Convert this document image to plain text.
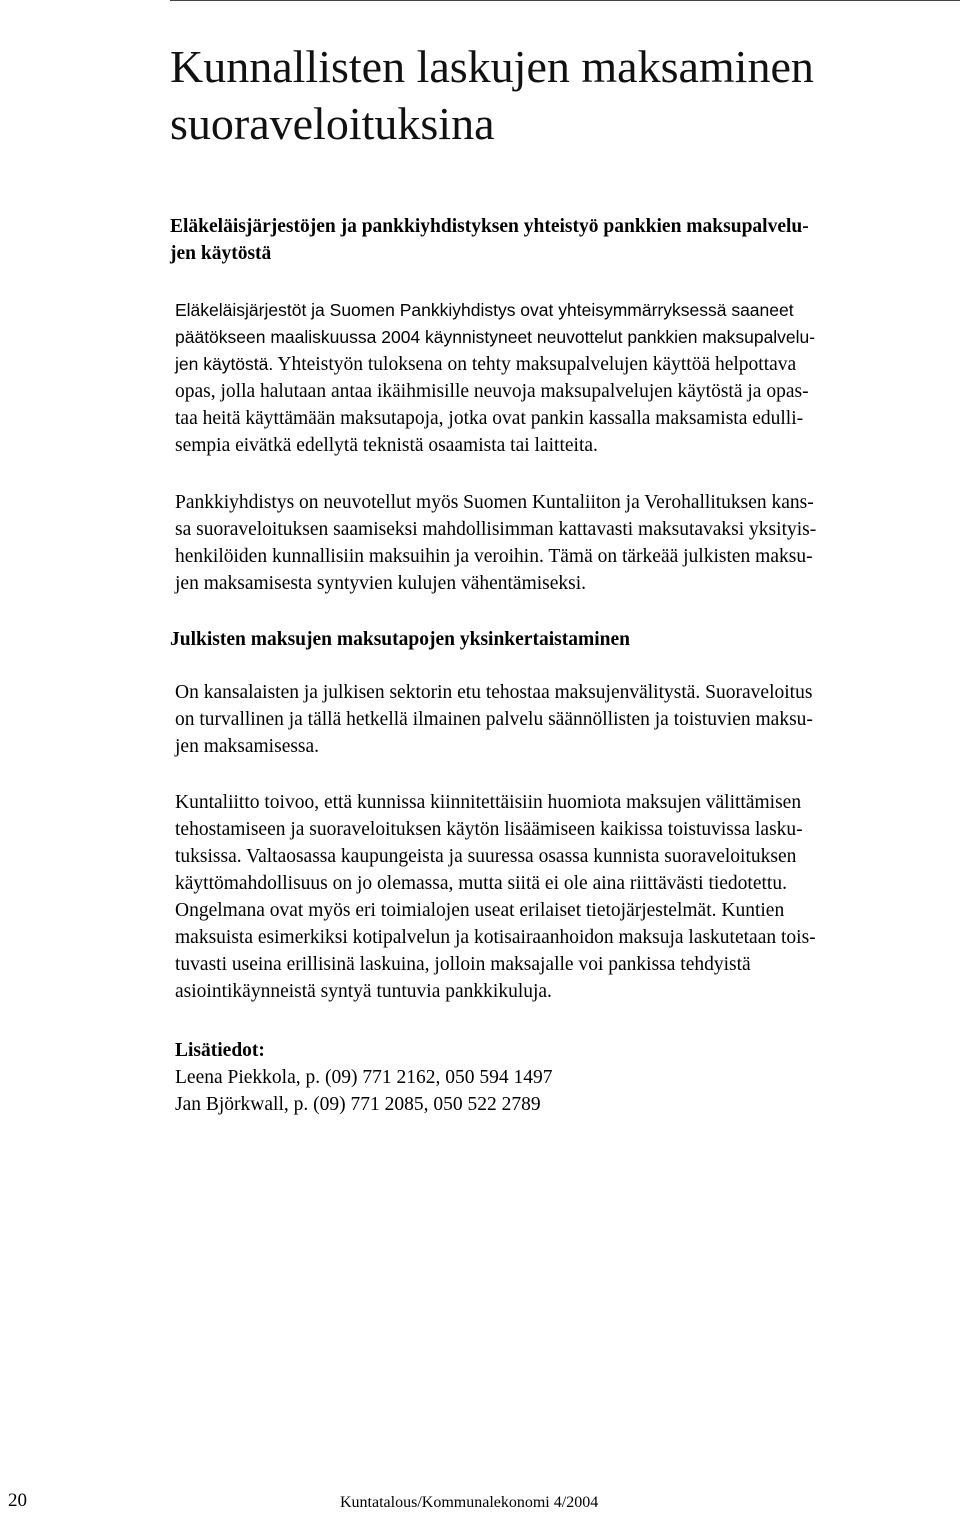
Kunnallisten laskujen maksaminen
suoraveloituksina
Eläkeläisjärjestöjen ja pankkiyhdistyksen yhteistyö pankkien maksupalvelu-
jen käytöstä
Eläkeläisjärjestöt ja Suomen Pankkiyhdistys ovat yhteisymmärryksessä saaneet
päätökseen maaliskuussa 2004 käynnistyneet neuvottelut pankkien maksupalvelu-
jen käytöstä. Yhteistyön tuloksena on tehty maksupalvelujen käyttöä helpottava
opas, jolla halutaan antaa ikäihmisille neuvoja maksupalvelujen käytöstä ja opas-
taa heitä käyttämään maksutapoja, jotka ovat pankin kassalla maksamista edulli-
sempia eivätkä edellytä teknistä osaamista tai laitteita.
Pankkiyhdistys on neuvotellut myös Suomen Kuntaliiton ja Verohallituksen kans-
sa suoraveloituksen saamiseksi mahdollisimman kattavasti maksutavaksi yksityis-
henkilöiden kunnallisiin maksuihin ja veroihin. Tämä on tärkeää julkisten maksu-
jen maksamisesta syntyvien kulujen vähentämiseksi.
Julkisten maksujen maksutapojen yksinkertaistaminen
On kansalaisten ja julkisen sektorin etu tehostaa maksujenvälitystä. Suoraveloitus
on turvallinen ja tällä hetkellä ilmainen palvelu säännöllisten ja toistuvien maksu-
jen maksamisessa.
Kuntaliitto toivoo, että kunnissa kiinnitettäisiin huomiota maksujen välittämisen
tehostamiseen ja suoraveloituksen käytön lisäämiseen kaikissa toistuvissa lasku-
tuksissa. Valtaosassa kaupungeista ja suuressa osassa kunnista suoraveloituksen
käyttömahdollisuus on jo olemassa, mutta siitä ei ole aina riittävästi tiedotettu.
Ongelmana ovat myös eri toimialojen useat erilaiset tietojärjestelmät. Kuntien
maksuista esimerkiksi kotipalvelun ja kotisairaanhoidon maksuja laskutetaan tois-
tuvasti useina erillisinä laskuina, jolloin maksajalle voi pankissa tehdyistä
asiointikäynneistä syntyä tuntuvia pankkikuluja.
Lisätiedot:
Leena Piekkola, p. (09) 771 2162, 050 594 1497
Jan Björkwall, p. (09) 771 2085, 050 522 2789
20	Kuntatalous/Kommunalekonomi 4/2004
